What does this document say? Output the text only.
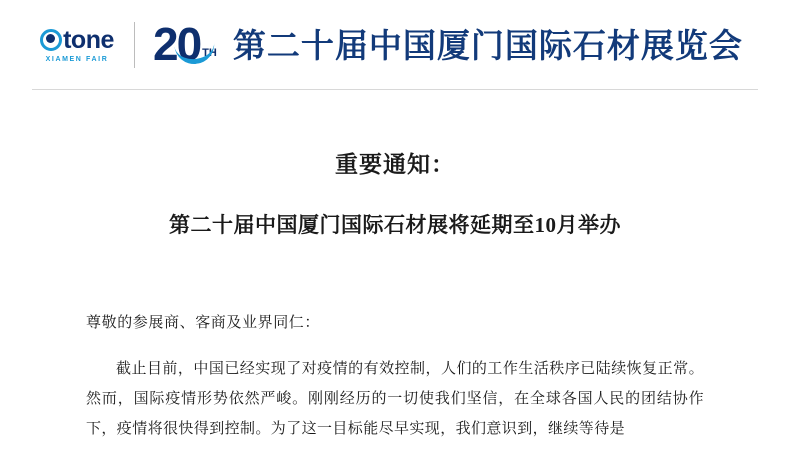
tone
XIAMEN FAIR 20 TH 第二十届中国厦门国际石材展览会
重要通知：
第二十届中国厦门国际石材展将延期至10月举办
尊敬的参展商、客商及业界同仁：
截止目前，中国已经实现了对疫情的有效控制，人们的工作生活秩序已陆续恢复正常。然而，国际疫情形势依然严峻。刚刚经历的一切使我们坚信，在全球各国人民的团结协作下，疫情将很快得到控制。为了这一目标能尽早实现，我们意识到，继续等待是
